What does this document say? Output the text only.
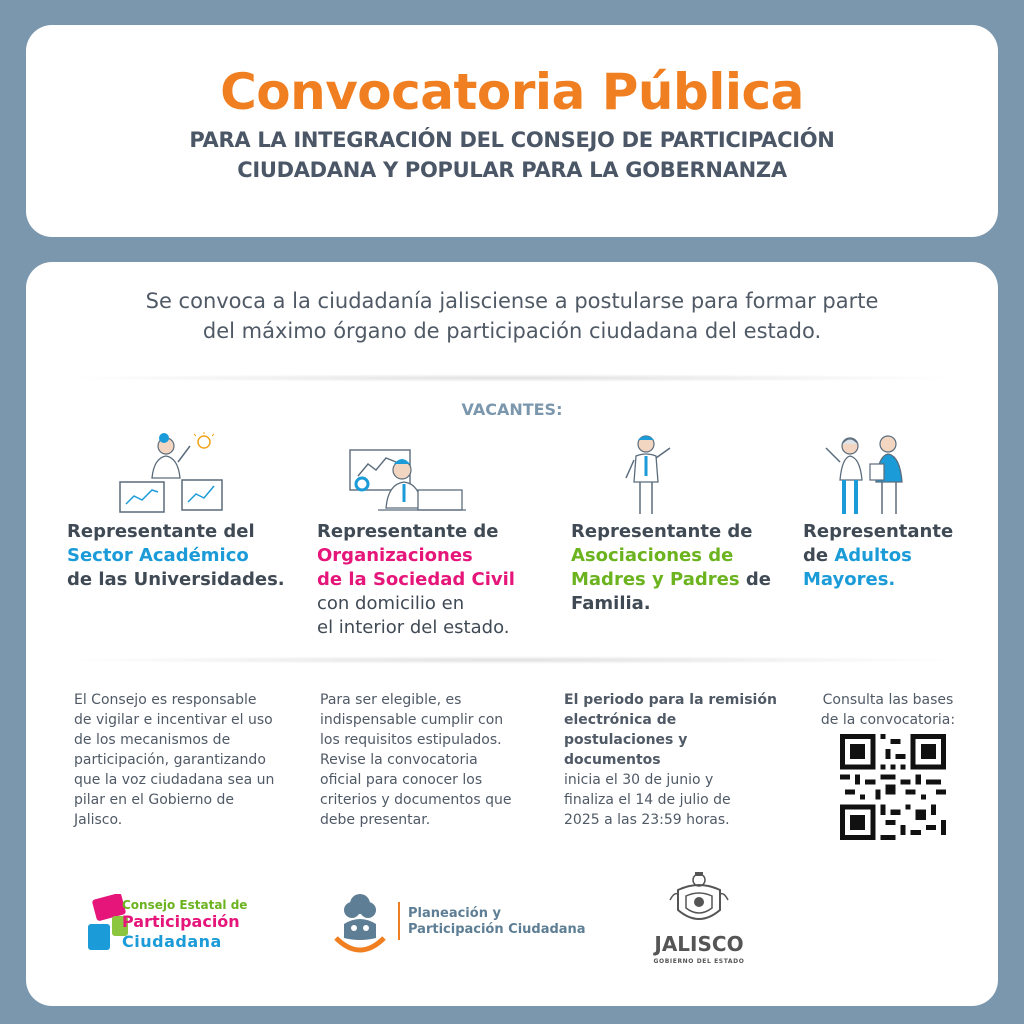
Convocatoria Pública
PARA LA INTEGRACIÓN DEL CONSEJO DE PARTICIPACIÓN
CIUDADANA Y POPULAR PARA LA GOBERNANZA
Se convoca a la ciudadanía jalisciense a postularse para formar parte
del máximo órgano de participación ciudadana del estado.
VACANTES:
Representante del
Sector Académico
de las Universidades.
Representante de
Organizaciones
de la Sociedad Civil
con domicilio en
el interior del estado.
Representante de
Asociaciones de
Madres y Padres de
Familia.
Representante
de Adultos
Mayores.
El Consejo es responsable
de vigilar e incentivar el uso
de los mecanismos de
participación, garantizando
que la voz ciudadana sea un
pilar en el Gobierno de
Jalisco.
Para ser elegible, es
indispensable cumplir con
los requisitos estipulados.
Revise la convocatoria
oficial para conocer los
criterios y documentos que
debe presentar.
El periodo para la remisión
electrónica de
postulaciones y
documentos
inicia el 30 de junio y
finaliza el 14 de julio de
2025 a las 23:59 horas.
Consulta las bases
de la convocatoria:
Consejo Estatal de
Participación
Ciudadana
Planeación y
Participación Ciudadana
JALISCO
GOBIERNO DEL ESTADO
